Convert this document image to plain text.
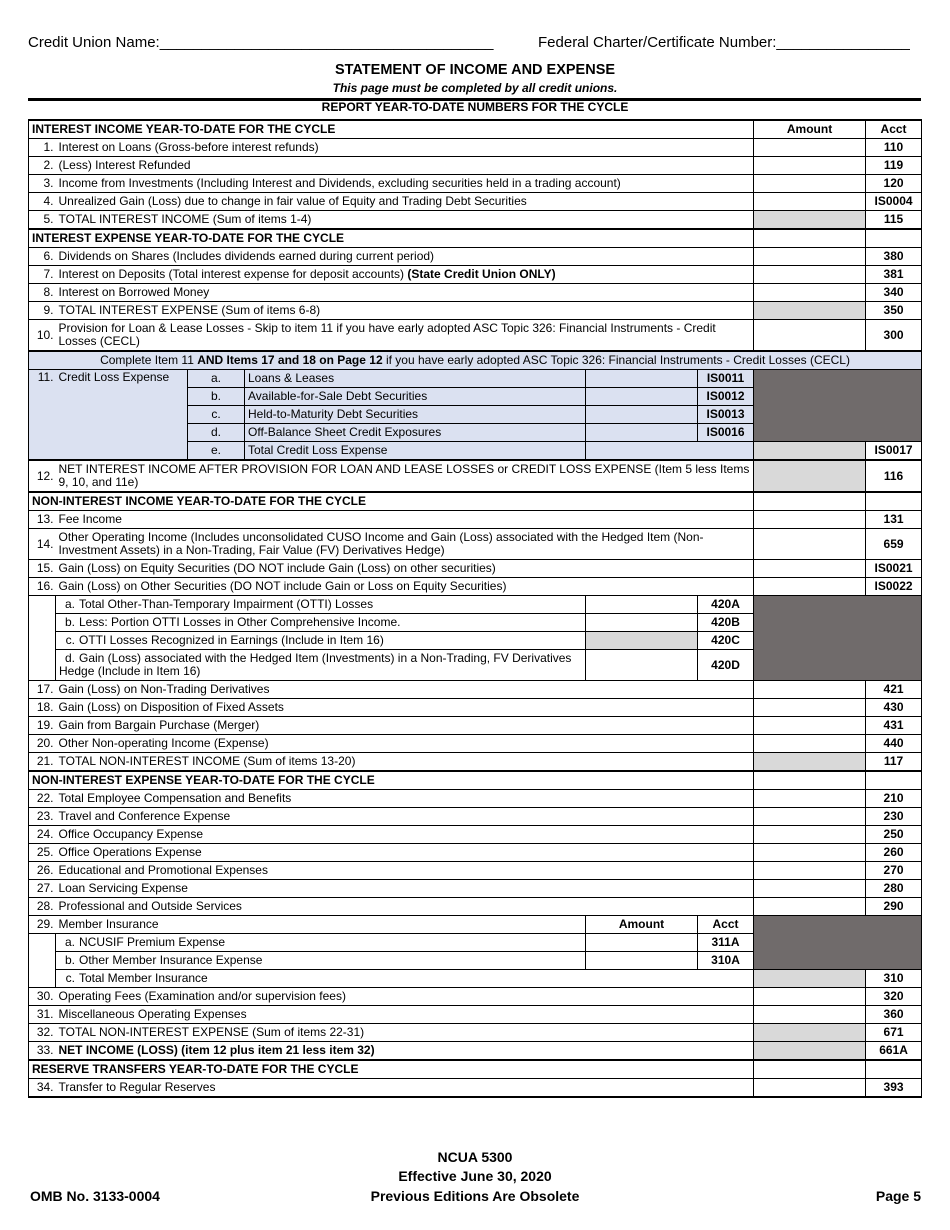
Credit Union Name:________________________________________	Federal Charter/Certificate Number:________________
STATEMENT OF INCOME AND EXPENSE
This page must be completed by all credit unions.
REPORT YEAR-TO-DATE NUMBERS FOR THE CYCLE
INTEREST INCOME YEAR-TO-DATE FOR THE CYCLE						Amount	Acct
1.	Interest on Loans (Gross-before interest refunds)						110
2.	(Less) Interest Refunded						119
3.	Income from Investments (Including Interest and Dividends, excluding securities held in a trading account)						120
4.	Unrealized Gain (Loss) due to change in fair value of Equity and Trading Debt Securities						IS0004
5.	TOTAL INTEREST INCOME (Sum of items 1-4)						115
INTEREST EXPENSE YEAR-TO-DATE FOR THE CYCLE							
6.	Dividends on Shares (Includes dividends earned during current period)						380
7.	Interest on Deposits (Total interest expense for deposit accounts) (State Credit Union ONLY)						381
8.	Interest on Borrowed Money						340
9.	TOTAL INTEREST EXPENSE (Sum of items 6-8)						350
10.	Provision for Loan & Lease Losses - Skip to item 11 if you have early adopted ASC Topic 326: Financial Instruments - Credit Losses (CECL)						300
Complete Item 11 AND Items 17 and 18 on Page 12 if you have early adopted ASC Topic 326: Financial Instruments - Credit Losses (CECL)							
11.	Credit Loss Expense	a.	Loans & Leases		IS0011		
		b.	Available-for-Sale Debt Securities		IS0012		
		c.	Held-to-Maturity Debt Securities		IS0013		
		d.	Off-Balance Sheet Credit Exposures		IS0016		
		e.	Total Credit Loss Expense				IS0017
12.	NET INTEREST INCOME AFTER PROVISION FOR LOAN AND LEASE LOSSES or CREDIT LOSS EXPENSE (Item 5 less Items 9, 10, and 11e)						116
NON-INTEREST INCOME YEAR-TO-DATE FOR THE CYCLE							
13.	Fee Income						131
14.	Other Operating Income (Includes unconsolidated CUSO Income and Gain (Loss) associated with the Hedged Item (Non-Investment Assets) in a Non-Trading, Fair Value (FV) Derivatives Hedge)						659
15.	Gain (Loss) on Equity Securities (DO NOT include Gain (Loss) on other securities)						IS0021
16.	Gain (Loss) on Other Securities (DO NOT include Gain or Loss on Equity Securities)						IS0022
	a. Total Other-Than-Temporary Impairment (OTTI) Losses				420A		
	b. Less: Portion OTTI Losses in Other Comprehensive Income.				420B		
	c. OTTI Losses Recognized in Earnings (Include in Item 16)				420C		
	d. Gain (Loss) associated with the Hedged Item (Investments) in a Non-Trading, FV Derivatives Hedge (Include in Item 16)				420D		
17.	Gain (Loss) on Non-Trading Derivatives						421
18.	Gain (Loss) on Disposition of Fixed Assets						430
19.	Gain from Bargain Purchase (Merger)						431
20.	Other Non-operating Income (Expense)						440
21.	TOTAL NON-INTEREST INCOME (Sum of items 13-20)						117
NON-INTEREST EXPENSE YEAR-TO-DATE FOR THE CYCLE							
22.	Total Employee Compensation and Benefits						210
23.	Travel and Conference Expense						230
24.	Office Occupancy Expense						250
25.	Office Operations Expense						260
26.	Educational and Promotional Expenses						270
27.	Loan Servicing Expense						280
28.	Professional and Outside Services						290
29.	Member Insurance			Amount	Acct		
	a. NCUSIF Premium Expense				311A		
	b. Other Member Insurance Expense				310A		
	c. Total Member Insurance						310
30.	Operating Fees (Examination and/or supervision fees)						320
31.	Miscellaneous Operating Expenses						360
32.	TOTAL NON-INTEREST EXPENSE (Sum of items 22-31)						671
33.	NET INCOME (LOSS) (item 12 plus item 21 less item 32)						661A
RESERVE TRANSFERS YEAR-TO-DATE FOR THE CYCLE							
34.	Transfer to Regular Reserves						393
NCUA 5300
Effective June 30, 2020
Previous Editions Are Obsolete
OMB No. 3133-0004	Page 5
